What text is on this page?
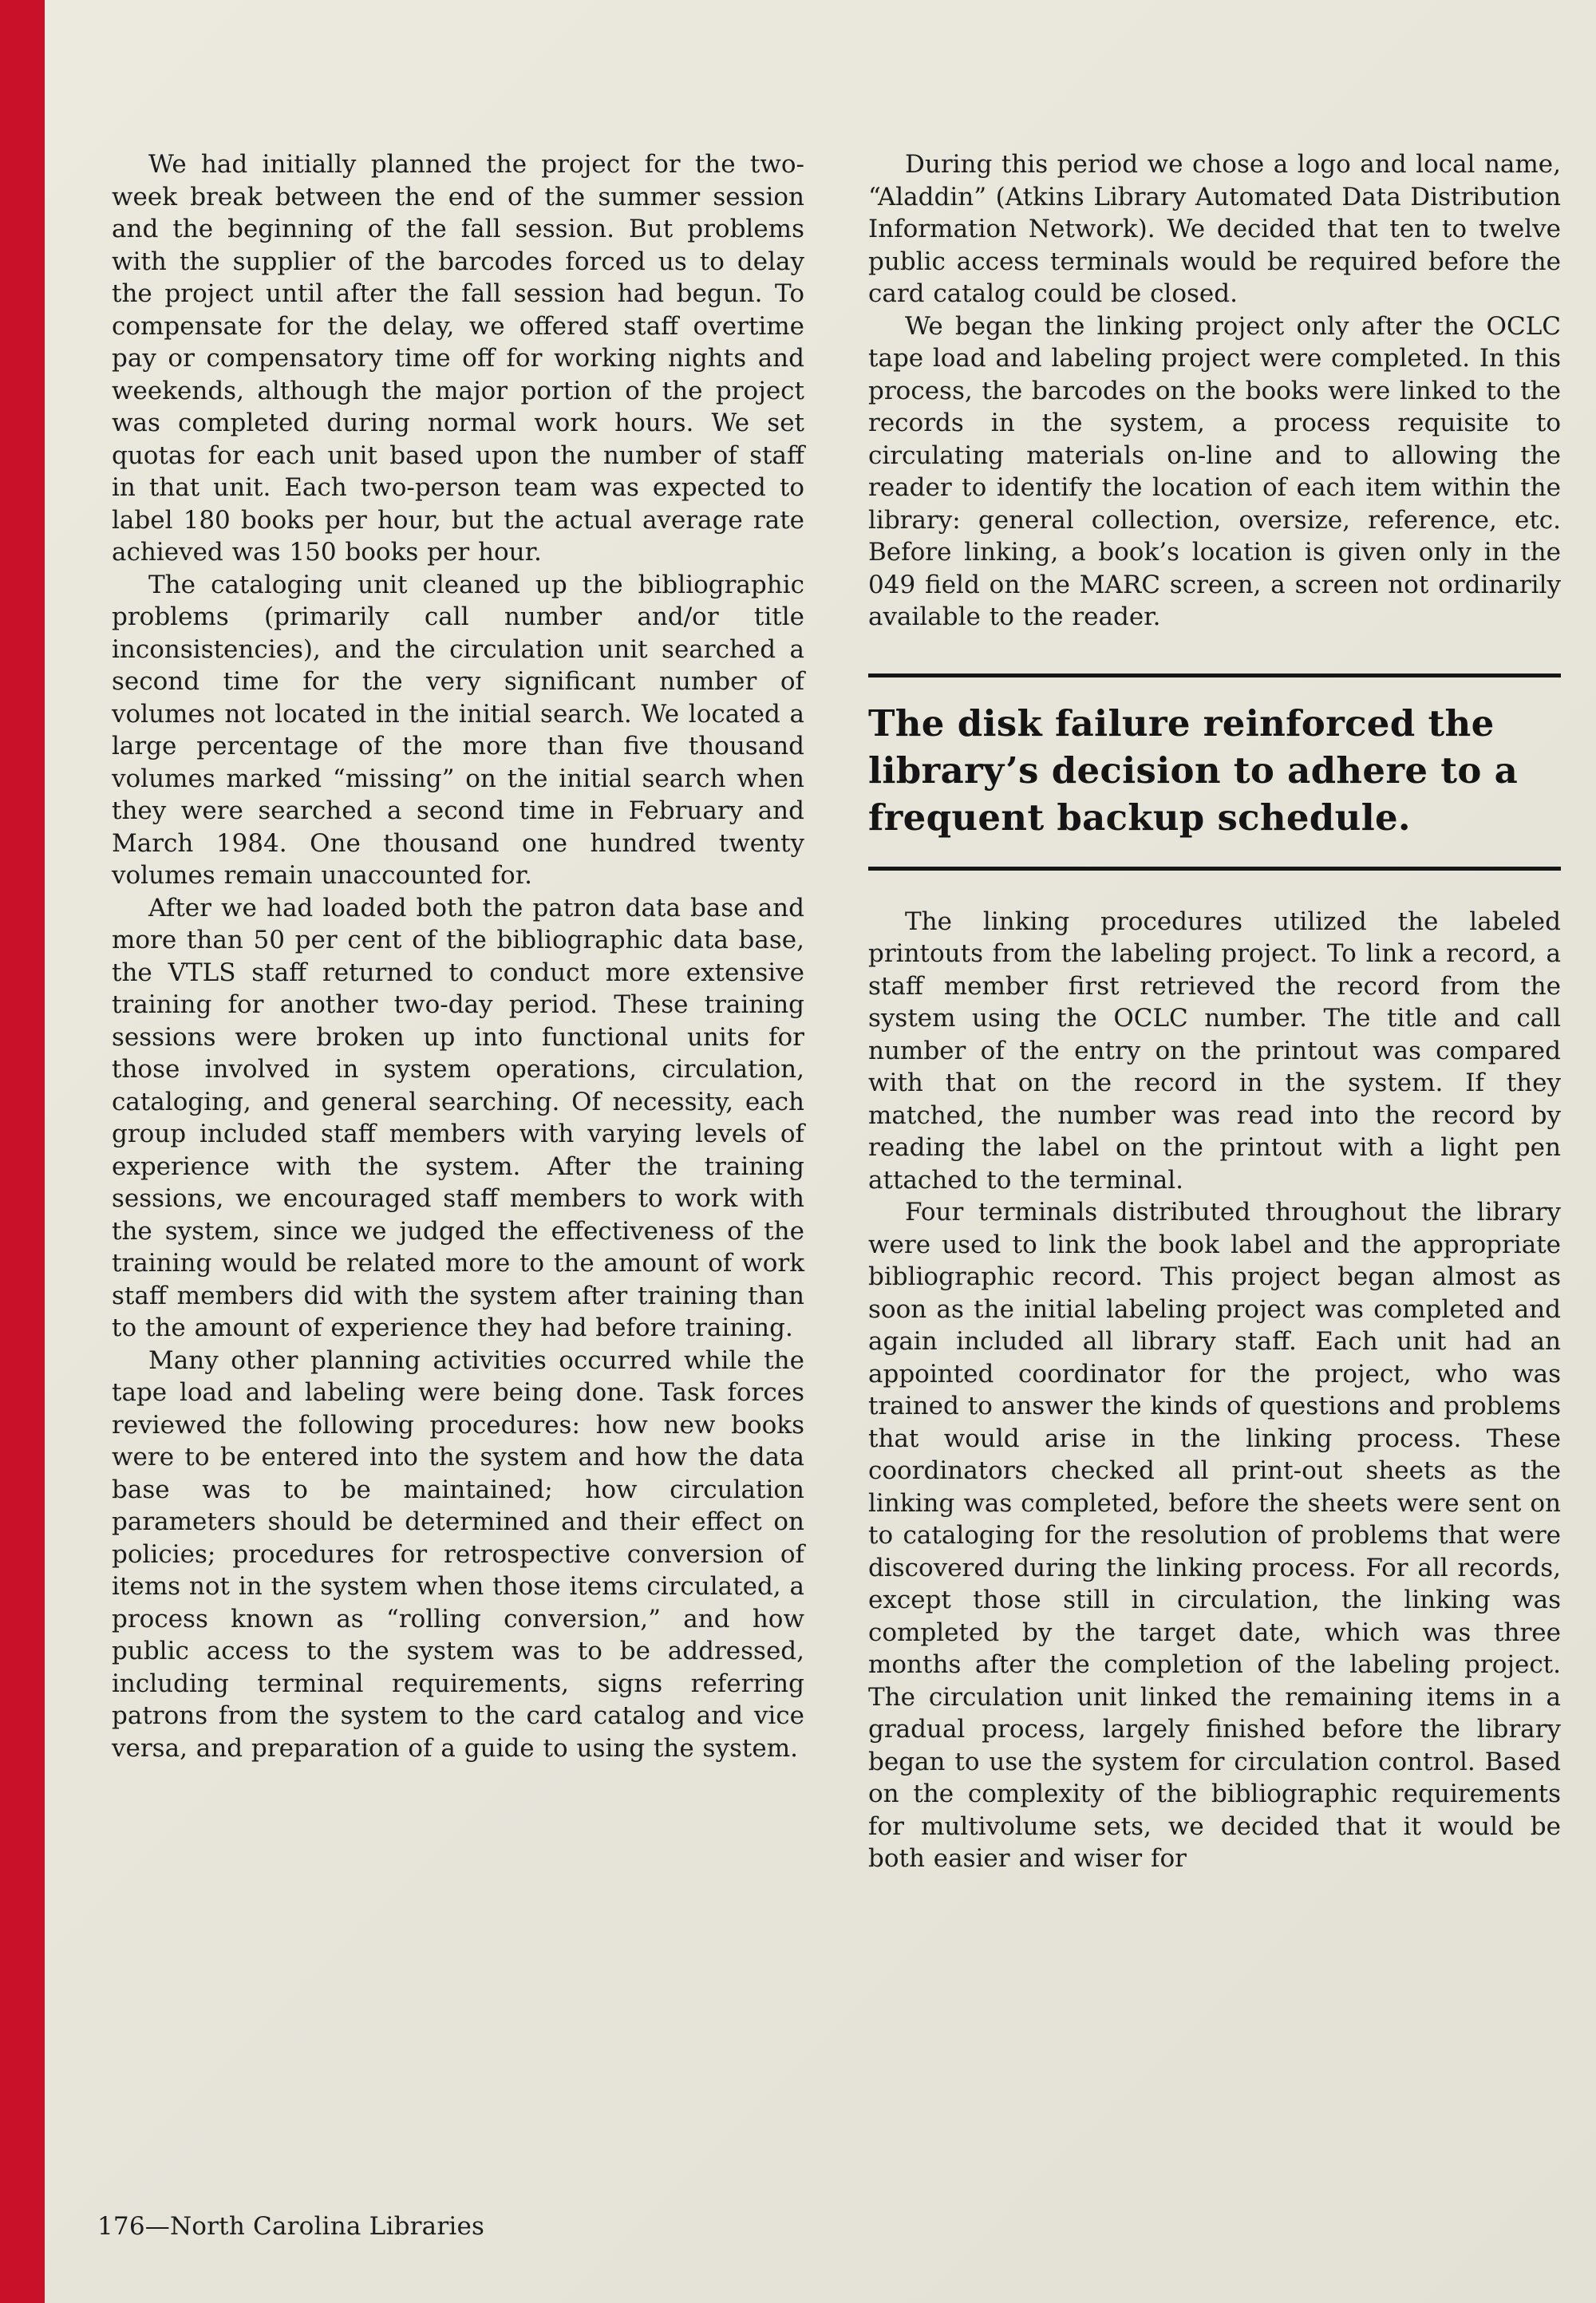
We had initially planned the project for the two-week break between the end of the summer session and the beginning of the fall session. But problems with the supplier of the barcodes forced us to delay the project until after the fall session had begun. To compensate for the delay, we offered staff overtime pay or compensatory time off for working nights and weekends, although the major portion of the project was completed during normal work hours. We set quotas for each unit based upon the number of staff in that unit. Each two-person team was expected to label 180 books per hour, but the actual average rate achieved was 150 books per hour.

The cataloging unit cleaned up the bibliographic problems (primarily call number and/or title inconsistencies), and the circulation unit searched a second time for the very significant number of volumes not located in the initial search. We located a large percentage of the more than five thousand volumes marked “missing” on the initial search when they were searched a second time in February and March 1984. One thousand one hundred twenty volumes remain unaccounted for.

After we had loaded both the patron data base and more than 50 per cent of the bibliographic data base, the VTLS staff returned to conduct more extensive training for another two-day period. These training sessions were broken up into functional units for those involved in system operations, circulation, cataloging, and general searching. Of necessity, each group included staff members with varying levels of experience with the system. After the training sessions, we encouraged staff members to work with the system, since we judged the effectiveness of the training would be related more to the amount of work staff members did with the system after training than to the amount of experience they had before training.

Many other planning activities occurred while the tape load and labeling were being done. Task forces reviewed the following procedures: how new books were to be entered into the system and how the data base was to be maintained; how circulation parameters should be determined and their effect on policies; procedures for retrospective conversion of items not in the system when those items circulated, a process known as “rolling conversion,” and how public access to the system was to be addressed, including terminal requirements, signs referring patrons from the system to the card catalog and vice versa, and preparation of a guide to using the system.

During this period we chose a logo and local name, “Aladdin” (Atkins Library Automated Data Distribution Information Network). We decided that ten to twelve public access terminals would be required before the card catalog could be closed.

We began the linking project only after the OCLC tape load and labeling project were completed. In this process, the barcodes on the books were linked to the records in the system, a process requisite to circulating materials on-line and to allowing the reader to identify the location of each item within the library: general collection, oversize, reference, etc. Before linking, a book’s location is given only in the 049 field on the MARC screen, a screen not ordinarily available to the reader.

The disk failure reinforced the library’s decision to adhere to a frequent backup schedule.

The linking procedures utilized the labeled printouts from the labeling project. To link a record, a staff member first retrieved the record from the system using the OCLC number. The title and call number of the entry on the printout was compared with that on the record in the system. If they matched, the number was read into the record by reading the label on the printout with a light pen attached to the terminal.

Four terminals distributed throughout the library were used to link the book label and the appropriate bibliographic record. This project began almost as soon as the initial labeling project was completed and again included all library staff. Each unit had an appointed coordinator for the project, who was trained to answer the kinds of questions and problems that would arise in the linking process. These coordinators checked all print-out sheets as the linking was completed, before the sheets were sent on to cataloging for the resolution of problems that were discovered during the linking process. For all records, except those still in circulation, the linking was completed by the target date, which was three months after the completion of the labeling project. The circulation unit linked the remaining items in a gradual process, largely finished before the library began to use the system for circulation control. Based on the complexity of the bibliographic requirements for multivolume sets, we decided that it would be both easier and wiser for

176—North Carolina Libraries
